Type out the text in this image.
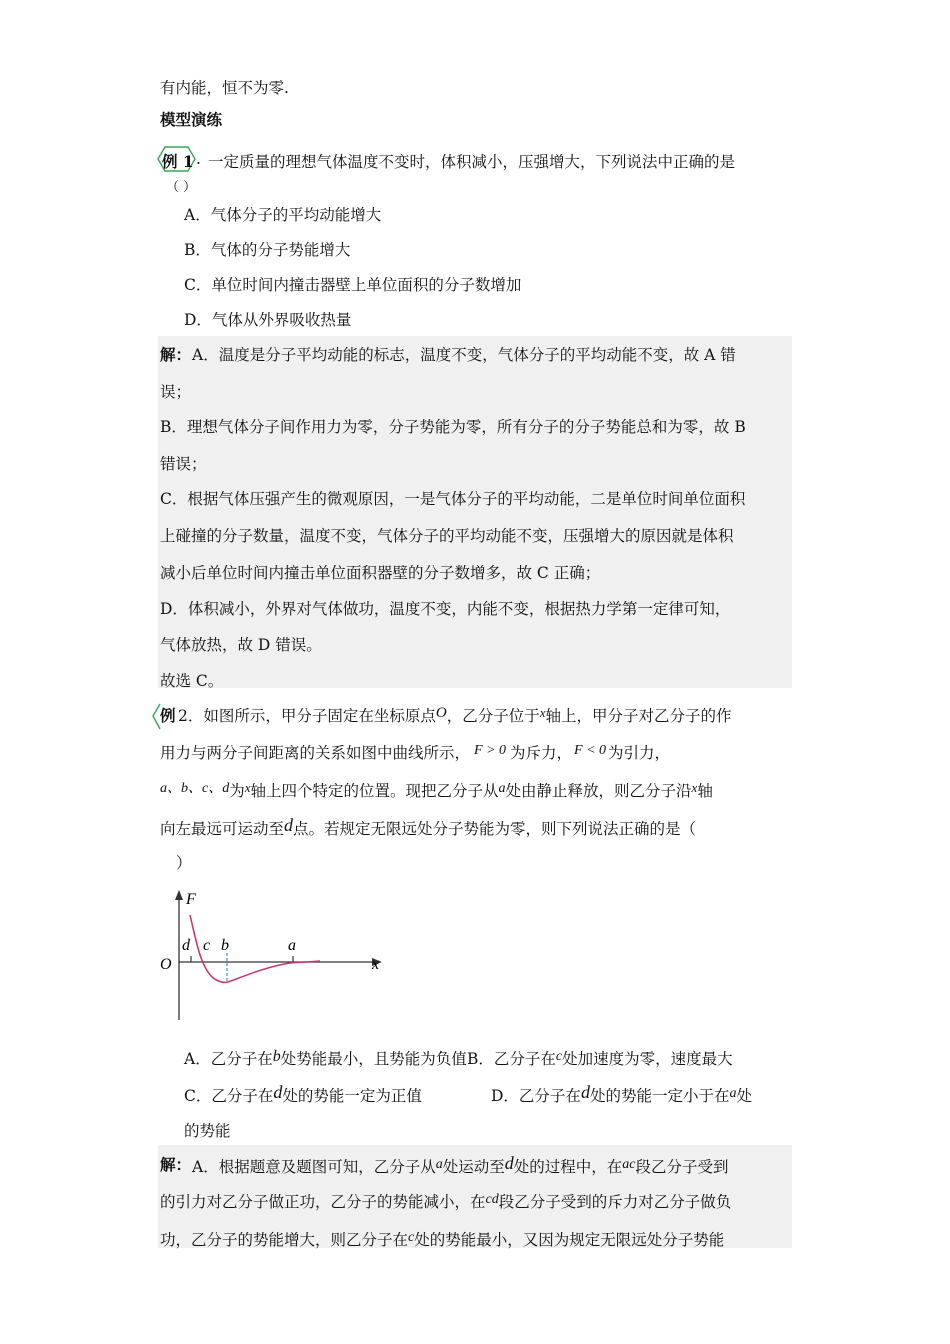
有内能，恒不为零.
模型演练
例 1 . 一定质量的理想气体温度不变时，体积减小，压强增大，下列说法中正确的是
（ ）
A．气体分子的平均动能增大
B．气体的分子势能增大
C．单位时间内撞击器壁上单位面积的分子数增加
D．气体从外界吸收热量
解： A．温度是分子平均动能的标志，温度不变，气体分子的平均动能不变，故 A 错
误；
B．理想气体分子间作用力为零，分子势能为零，所有分子的分子势能总和为零，故 B
错误；
C．根据气体压强产生的微观原因，一是气体分子的平均动能，二是单位时间单位面积
上碰撞的分子数量，温度不变，气体分子的平均动能不变，压强增大的原因就是体积
减小后单位时间内撞击单位面积器壁的分子数增多，故 C 正确；
D．体积减小，外界对气体做功，温度不变，内能不变，根据热力学第一定律可知，
气体放热，故 D 错误。
故选 C。
例 2．如图所示，甲分子固定在坐标原点O，乙分子位于$^x$轴上，甲分子对乙分子的作
用力与两分子间距离的关系如图中曲线所示， F > 0 为斥力， F < 0 为引力，
a、b、c、d为$^x$轴上四个特定的位置。现把乙分子从a处由静止释放，则乙分子沿$^x$轴
向左最远可运动至d点。若规定无限远处分子势能为零，则下列说法正确的是（
）
F
O	x
d c b	a
A．乙分子在b处势能最小，且势能为负值 B．乙分子在c处加速度为零，速度最大
C．乙分子在d处的势能一定为正值	D．乙分子在d处的势能一定小于在a处
的势能
解： A．根据题意及题图可知，乙分子从a处运动至d处的过程中，在ac段乙分子受到
的引力对乙分子做正功，乙分子的势能减小，在cd段乙分子受到的斥力对乙分子做负
功，乙分子的势能增大，则乙分子在c处的势能最小，又因为规定无限远处分子势能
